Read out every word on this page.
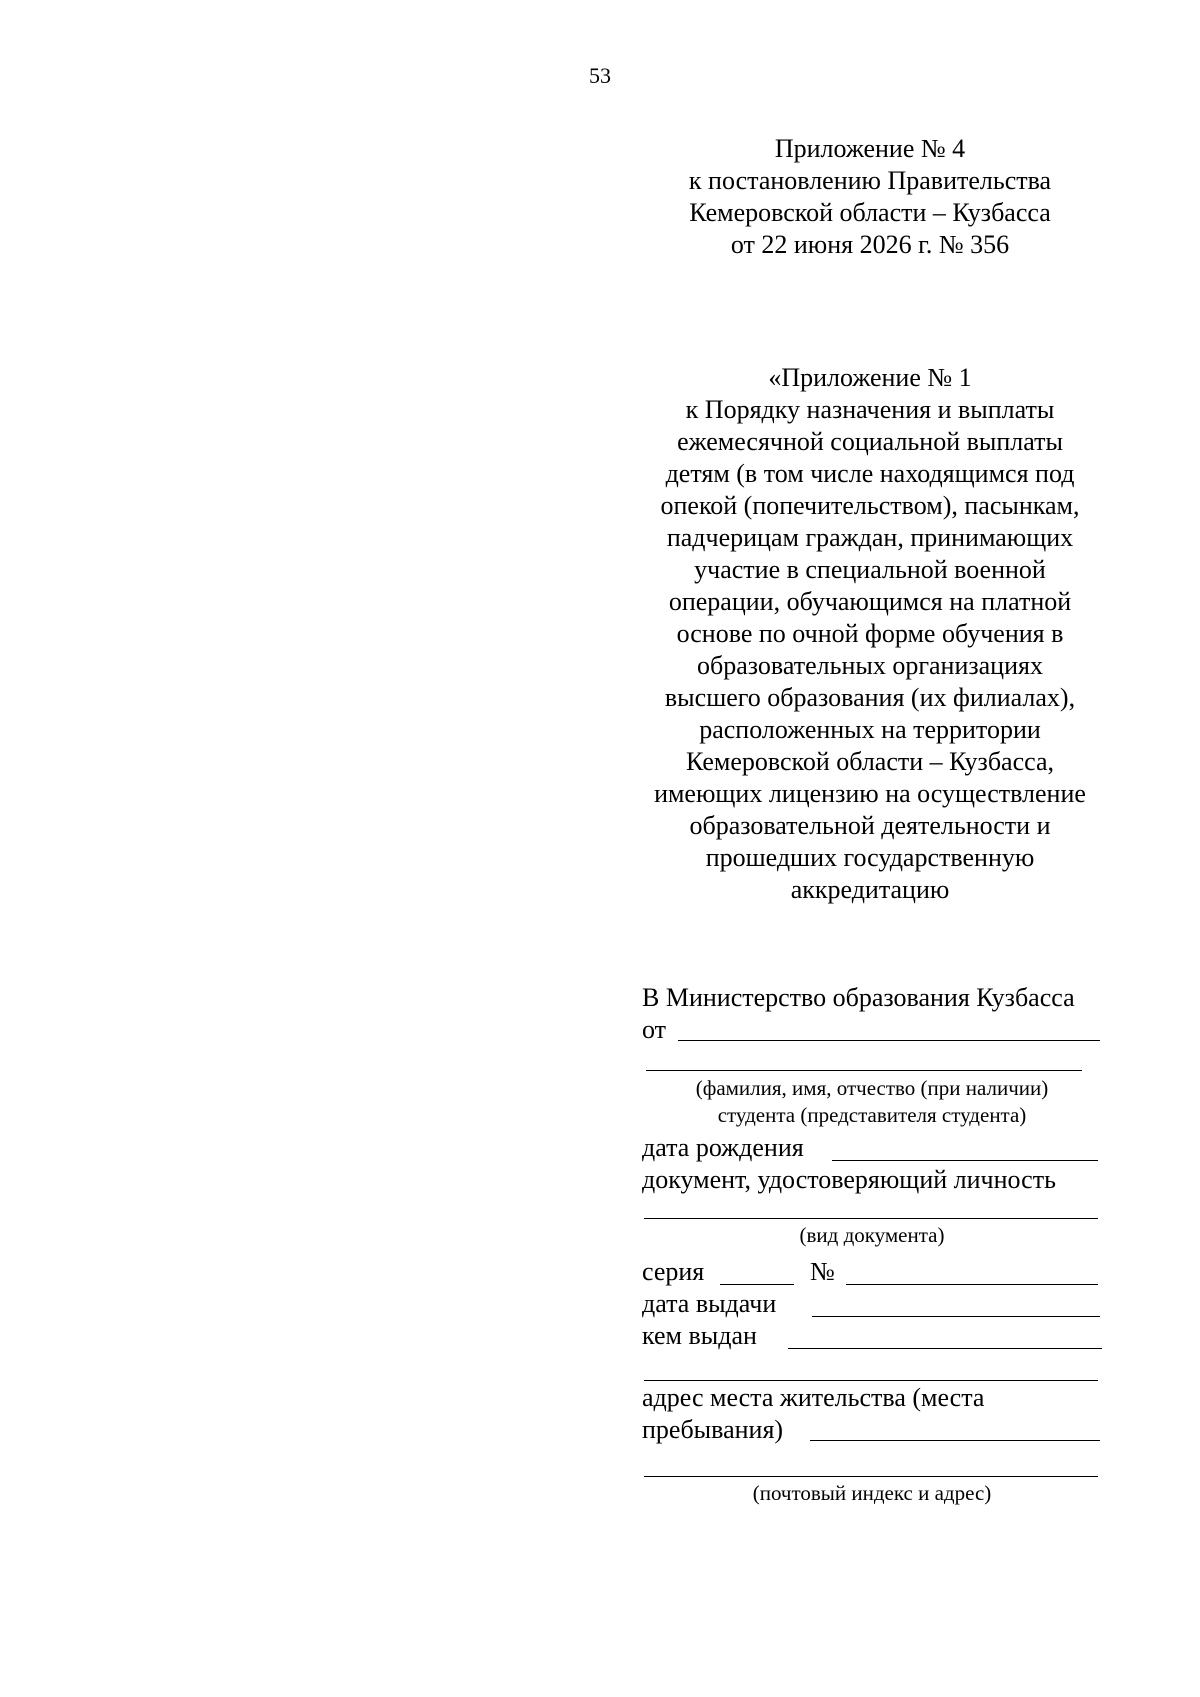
53
Приложение № 4
к постановлению Правительства
Кемеровской области – Кузбасса
от 22 июня 2026 г. № 356
«Приложение № 1
к Порядку назначения и выплаты
ежемесячной социальной выплаты
детям (в том числе находящимся под
опекой (попечительством), пасынкам,
падчерицам граждан, принимающих
участие в специальной военной
операции, обучающимся на платной
основе по очной форме обучения в
образовательных организациях
высшего образования (их филиалах),
расположенных на территории
Кемеровской области – Кузбасса,
имеющих лицензию на осуществление
образовательной деятельности и
прошедших государственную
аккредитацию
В Министерство образования Кузбасса
от
(фамилия, имя, отчество (при наличии)
студента (представителя студента)
дата рождения
документ, удостоверяющий личность
(вид документа)
серия	№
дата выдачи
кем выдан
адрес места жительства (места
пребывания)
(почтовый индекс и адрес)
